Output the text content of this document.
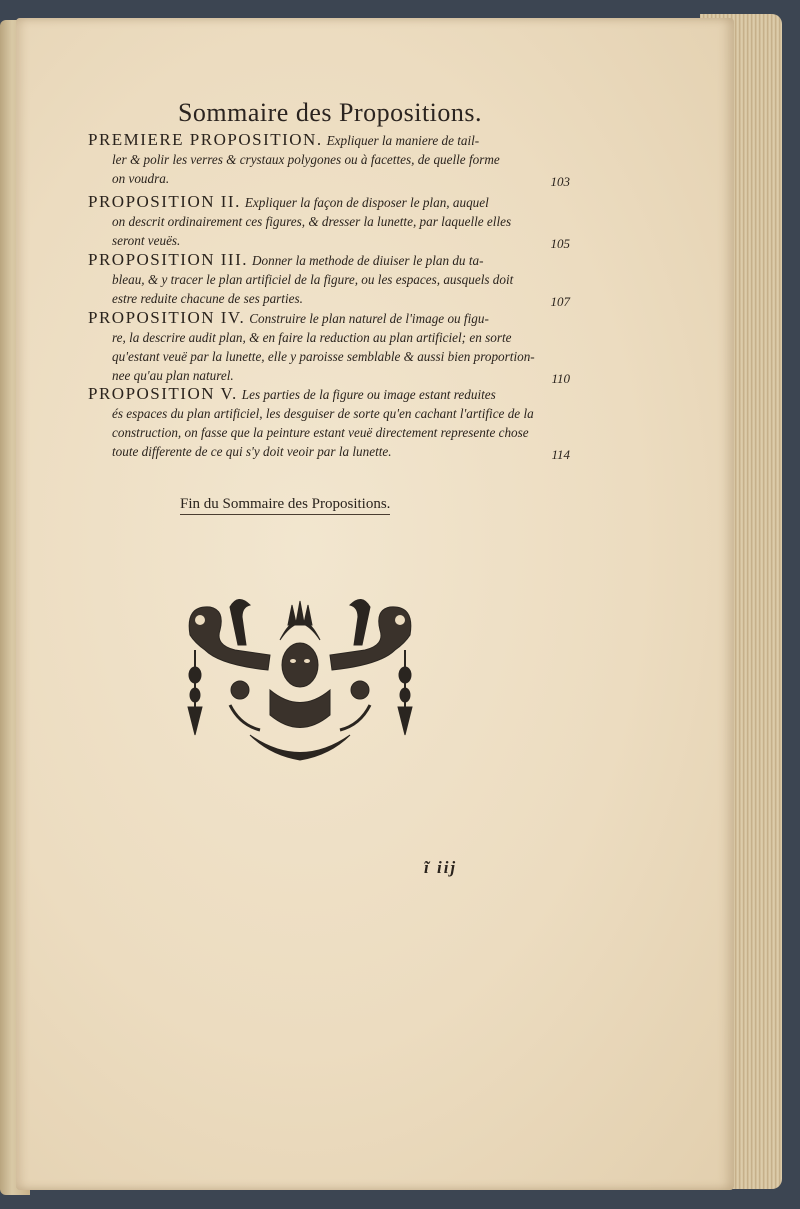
Sommaire des Propositions.

PREMIERE PROPOSITION. Expliquer la maniere de tail-

ler & polir les verres & crystaux polygones ou à facettes, de quelle forme

on voudra.	103

PROPOSITION II. Expliquer la façon de disposer le plan, auquel

on descrit ordinairement ces figures, & dresser la lunette, par laquelle elles

seront veuës.	105

PROPOSITION III. Donner la methode de diuiser le plan du ta-

bleau, & y tracer le plan artificiel de la figure, ou les espaces, ausquels doit

estre reduite chacune de ses parties.	107

PROPOSITION IV. Construire le plan naturel de l'image ou figu-

re, la descrire audit plan, & en faire la reduction au plan artificiel; en sorte

qu'estant veuë par la lunette, elle y paroisse semblable & aussi bien proportion-

nee qu'au plan naturel.	110

PROPOSITION V. Les parties de la figure ou image estant reduites

és espaces du plan artificiel, les desguiser de sorte qu'en cachant l'artifice de la

construction, on fasse que la peinture estant veuë directement represente chose

toute differente de ce qui s'y doit veoir par la lunette.	114
Fin du Sommaire des Propositions.
ĩ iij
